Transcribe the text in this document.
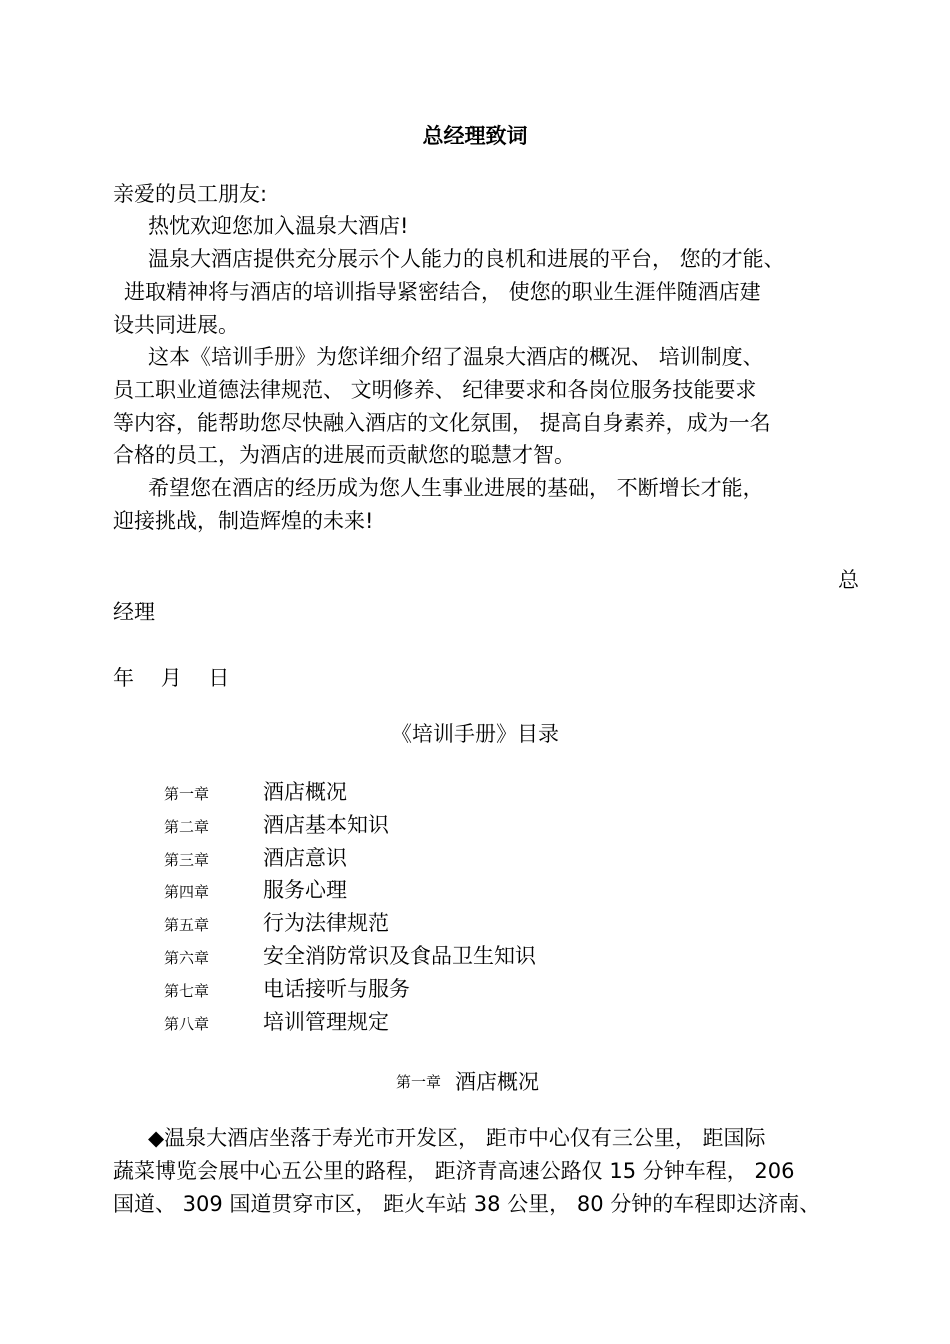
总经理致词
亲爱的员工朋友:
热忱欢迎您加入温泉大酒店!
温泉大酒店提供充分展示个人能力的良机和进展的平台， 您的才能、
进取精神将与酒店的培训指导紧密结合， 使您的职业生涯伴随酒店建
设共同进展。
这本《培训手册》为您详细介绍了温泉大酒店的概况、 培训制度、
员工职业道德法律规范、 文明修养、 纪律要求和各岗位服务技能要求
等内容，能帮助您尽快融入酒店的文化氛围， 提高自身素养，成为一名
合格的员工，为酒店的进展而贡献您的聪慧才智。
希望您在酒店的经历成为您人生事业进展的基础， 不断增长才能，
迎接挑战，制造辉煌的未来!
总
经理
年    月    日
《培训手册》目录
第一章	酒店概况
第二章	酒店基本知识
第三章	酒店意识
第四章	服务心理
第五章	行为法律规范
第六章	安全消防常识及食品卫生知识
第七章	电话接听与服务
第八章	培训管理规定
第一章 酒店概况
◆温泉大酒店坐落于寿光市开发区， 距市中心仅有三公里， 距国际
蔬菜博览会展中心五公里的路程， 距济青高速公路仅 15 分钟车程， 206
国道、 309 国道贯穿市区， 距火车站 38 公里， 80 分钟的车程即达济南、
